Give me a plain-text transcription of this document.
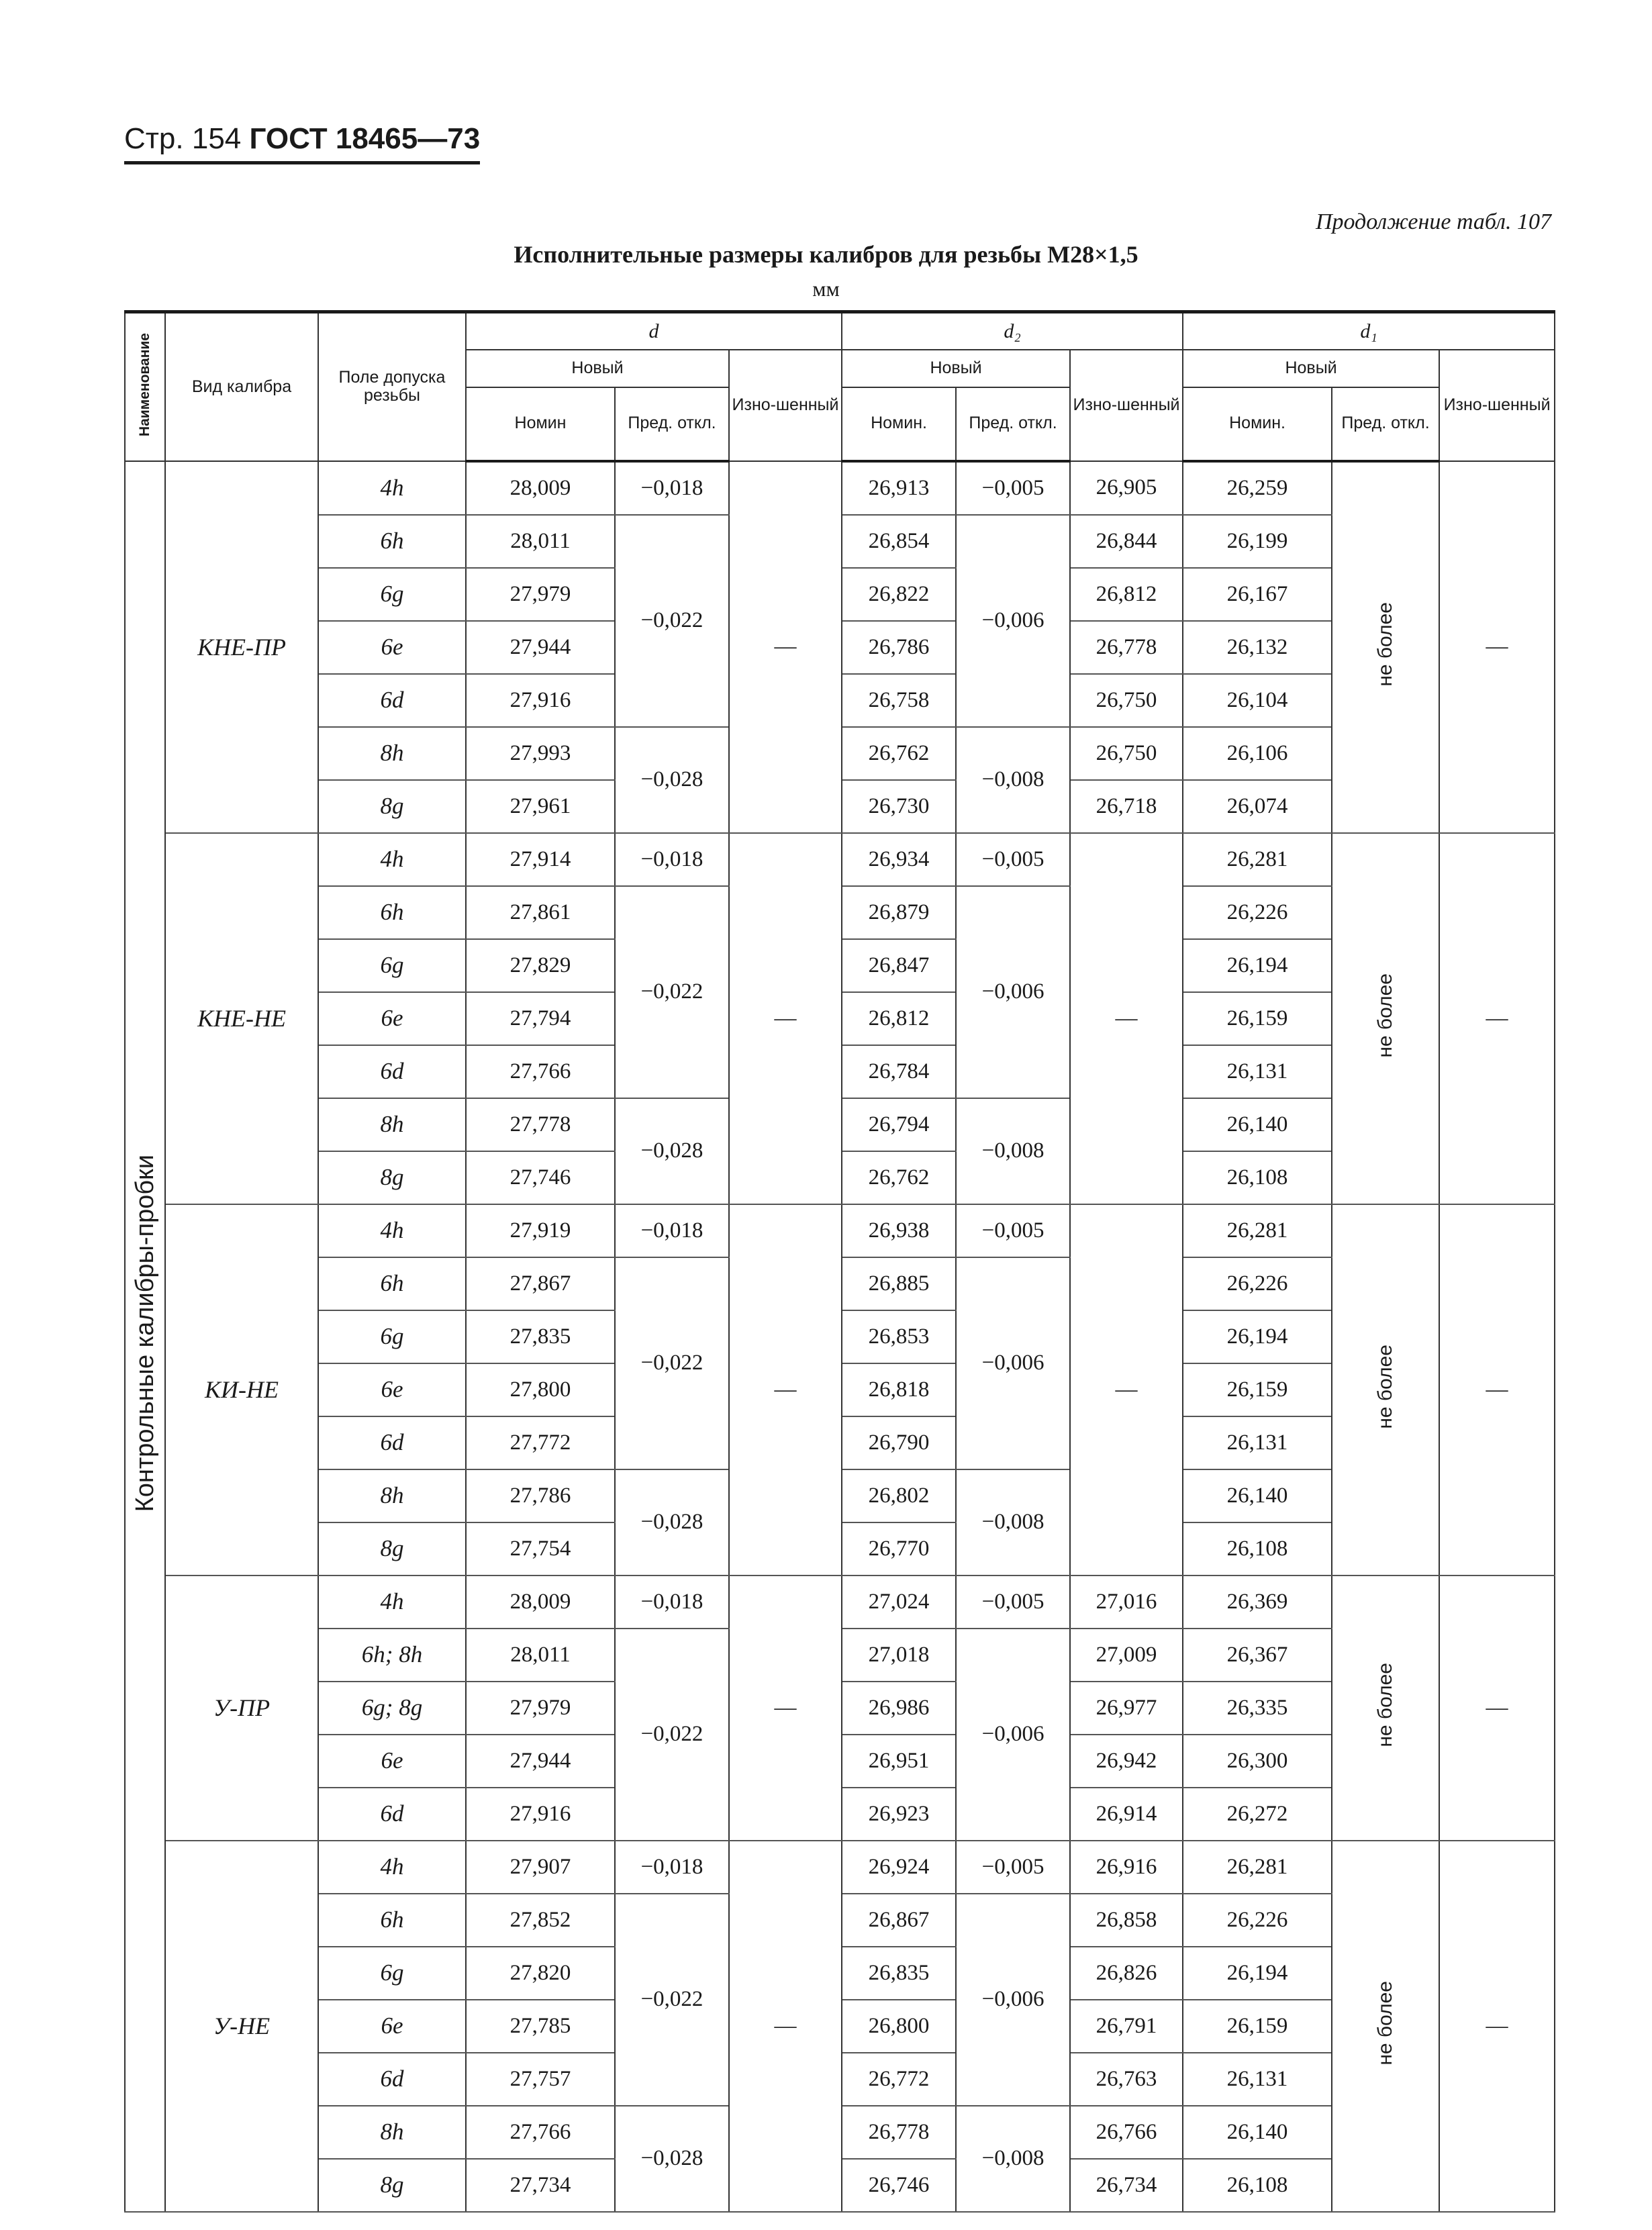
Стр. 154 ГОСТ 18465—73
Продолжение табл. 107
Исполнительные размеры калибров для резьбы М28×1,5
мм
Наименование	Вид калибра	Поле допуска резьбы	d			d₂			d₁		
			Новый		Изно-шенный	Новый		Изно-шенный	Новый		Изно-шенный
			Номин	Пред. откл.		Номин.	Пред. откл.		Номин.	Пред. откл.	
Контрольные калибры-пробки	КНЕ-ПР	4h	28,009	−0,018	—	26,913	−0,005	26,905	26,259	не более	—
		6h	28,011	−0,022		26,854	−0,006	26,844	26,199		
		6g	27,979			26,822		26,812	26,167		
		6e	27,944			26,786		26,778	26,132		
		6d	27,916			26,758		26,750	26,104		
		8h	27,993	−0,028		26,762	−0,008	26,750	26,106		
		8g	27,961			26,730		26,718	26,074		
	КНЕ-НЕ	4h	27,914	−0,018	—	26,934	−0,005	—	26,281	не более	—
		6h	27,861	−0,022		26,879	−0,006		26,226		
		6g	27,829			26,847			26,194		
		6e	27,794			26,812			26,159		
		6d	27,766			26,784			26,131		
		8h	27,778	−0,028		26,794	−0,008		26,140		
		8g	27,746			26,762			26,108		
	КИ-НЕ	4h	27,919	−0,018	—	26,938	−0,005	—	26,281	не более	—
		6h	27,867	−0,022		26,885	−0,006		26,226		
		6g	27,835			26,853			26,194		
		6e	27,800			26,818			26,159		
		6d	27,772			26,790			26,131		
		8h	27,786	−0,028		26,802	−0,008		26,140		
		8g	27,754			26,770			26,108		
	У-ПР	4h	28,009	−0,018	—	27,024	−0,005	27,016	26,369	не более	—
		6h; 8h	28,011	−0,022		27,018	−0,006	27,009	26,367		
		6g; 8g	27,979			26,986		26,977	26,335		
		6e	27,944			26,951		26,942	26,300		
		6d	27,916			26,923		26,914	26,272		
	У-НЕ	4h	27,907	−0,018	—	26,924	−0,005	26,916	26,281	не более	—
		6h	27,852	−0,022		26,867	−0,006	26,858	26,226		
		6g	27,820			26,835		26,826	26,194		
		6e	27,785			26,800		26,791	26,159		
		6d	27,757			26,772		26,763	26,131		
		8h	27,766	−0,028		26,778	−0,008	26,766	26,140		
		8g	27,734			26,746		26,734	26,108		
